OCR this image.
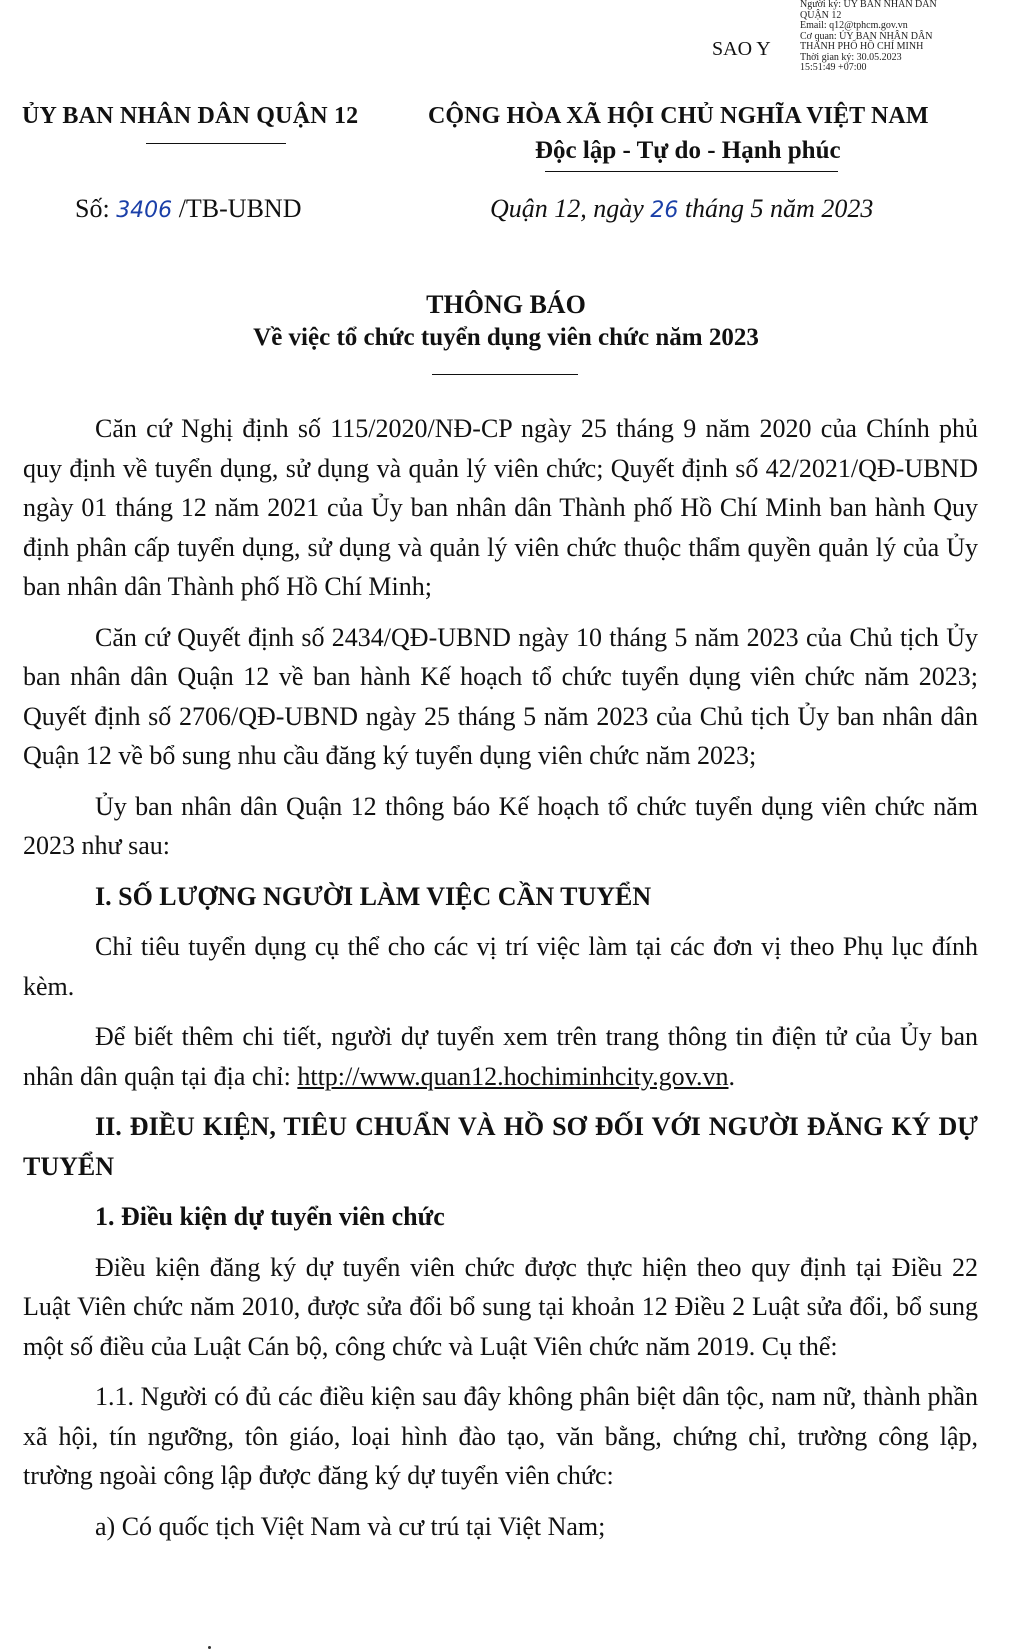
Người ký: ỦY BAN NHÂN DÂN
QUẬN 12
Email: q12@tphcm.gov.vn
Cơ quan: ỦY BAN NHÂN DÂN
THÀNH PHỐ HỒ CHÍ MINH
Thời gian ký: 30.05.2023
15:51:49 +07:00
SAO Y
ỦY BAN NHÂN DÂN QUẬN 12	CỘNG HÒA XÃ HỘI CHỦ NGHĨA VIỆT NAM
Độc lập - Tự do - Hạnh phúc
Số: 3406 /TB-UBND	Quận 12, ngày 26 tháng 5 năm 2023
THÔNG BÁO
Về việc tổ chức tuyển dụng viên chức năm 2023

Căn cứ Nghị định số 115/2020/NĐ-CP ngày 25 tháng 9 năm 2020 của Chính phủ quy định về tuyển dụng, sử dụng và quản lý viên chức; Quyết định số 42/2021/QĐ-UBND ngày 01 tháng 12 năm 2021 của Ủy ban nhân dân Thành phố Hồ Chí Minh ban hành Quy định phân cấp tuyển dụng, sử dụng và quản lý viên chức thuộc thẩm quyền quản lý của Ủy ban nhân dân Thành phố Hồ Chí Minh;

Căn cứ Quyết định số 2434/QĐ-UBND ngày 10 tháng 5 năm 2023 của Chủ tịch Ủy ban nhân dân Quận 12 về ban hành Kế hoạch tổ chức tuyển dụng viên chức năm 2023; Quyết định số 2706/QĐ-UBND ngày 25 tháng 5 năm 2023 của Chủ tịch Ủy ban nhân dân Quận 12 về bổ sung nhu cầu đăng ký tuyển dụng viên chức năm 2023;

Ủy ban nhân dân Quận 12 thông báo Kế hoạch tổ chức tuyển dụng viên chức năm 2023 như sau:

I. SỐ LƯỢNG NGƯỜI LÀM VIỆC CẦN TUYỂN

Chỉ tiêu tuyển dụng cụ thể cho các vị trí việc làm tại các đơn vị theo Phụ lục đính kèm.

Để biết thêm chi tiết, người dự tuyển xem trên trang thông tin điện tử của Ủy ban nhân dân quận tại địa chỉ: http://www.quan12.hochiminhcity.gov.vn.

II. ĐIỀU KIỆN, TIÊU CHUẨN VÀ HỒ SƠ ĐỐI VỚI NGƯỜI ĐĂNG KÝ DỰ TUYỂN

1. Điều kiện dự tuyển viên chức

Điều kiện đăng ký dự tuyển viên chức được thực hiện theo quy định tại Điều 22 Luật Viên chức năm 2010, được sửa đổi bổ sung tại khoản 12 Điều 2 Luật sửa đổi, bổ sung một số điều của Luật Cán bộ, công chức và Luật Viên chức năm 2019. Cụ thể:

1.1. Người có đủ các điều kiện sau đây không phân biệt dân tộc, nam nữ, thành phần xã hội, tín ngưỡng, tôn giáo, loại hình đào tạo, văn bằng, chứng chỉ, trường công lập, trường ngoài công lập được đăng ký dự tuyển viên chức:

a) Có quốc tịch Việt Nam và cư trú tại Việt Nam;
